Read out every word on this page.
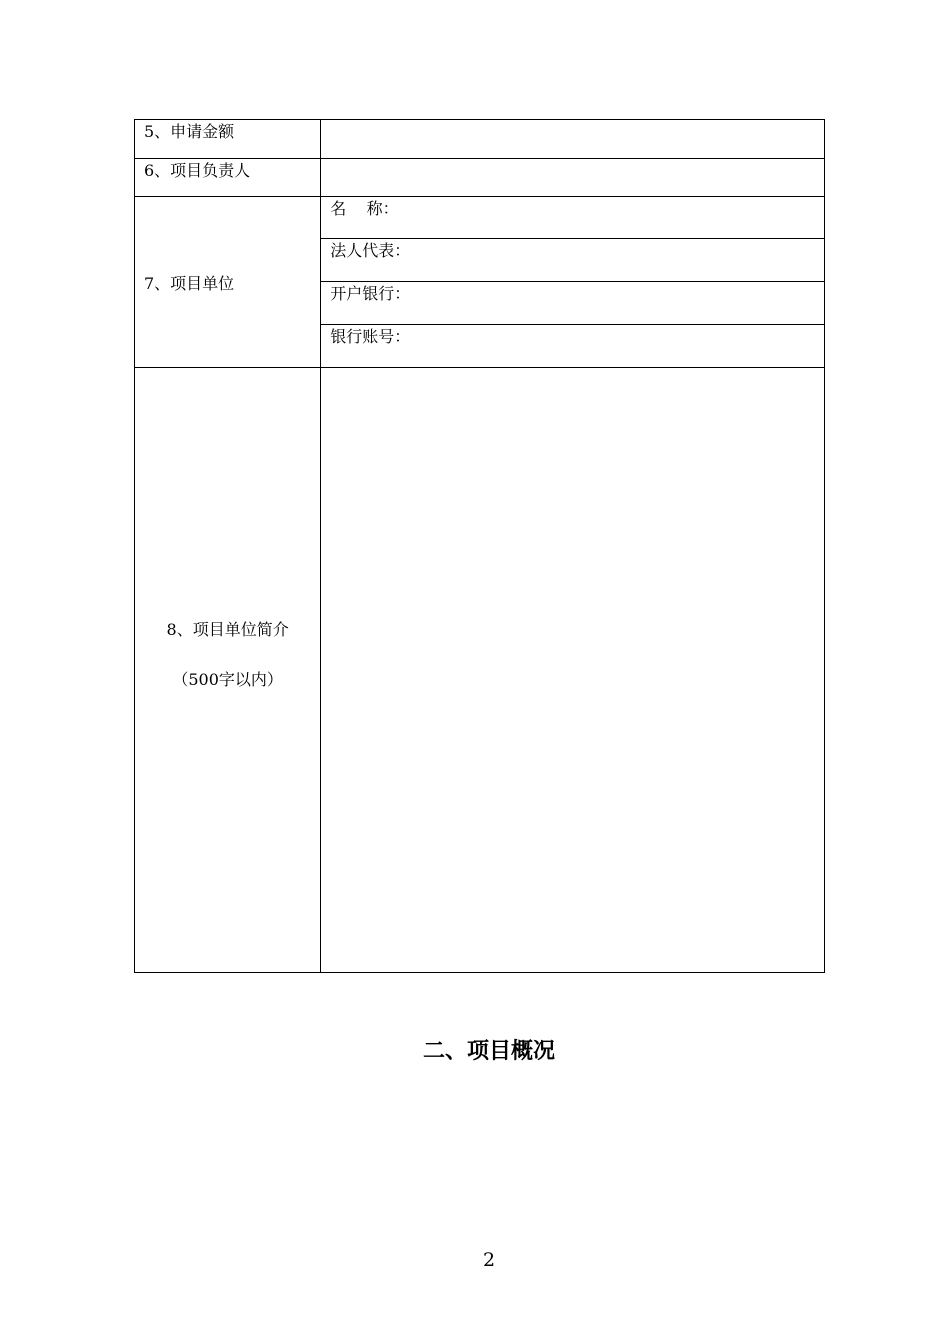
5、申请金额	
6、项目负责人	
7、项目单位	名    称：
法人代表：
开户银行：
银行账号：

8、项目单位简介
（500字以内）	

二、项目概况
2
